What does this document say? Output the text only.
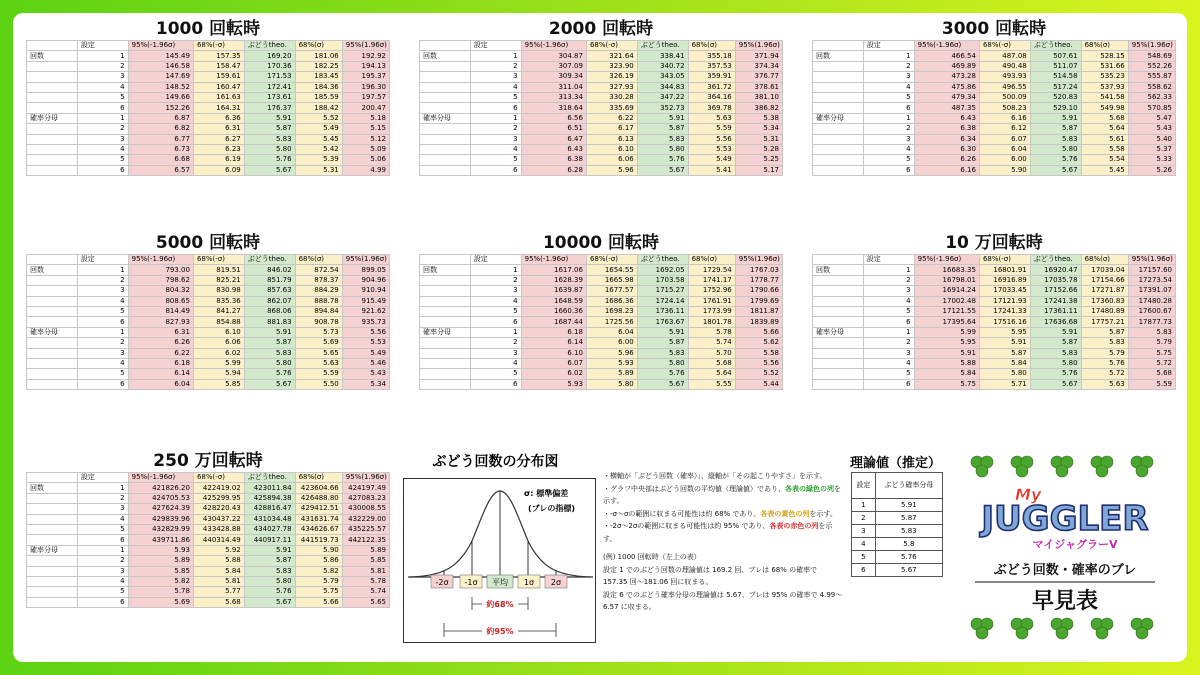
1000 回転時
	設定	95%(-1.96σ)	68%(-σ)	ぶどうtheo.	68%(σ)	95%(1.96σ)
回数	1	145.49	157.35	169.20	181.06	192.92
	2	146.58	158.47	170.36	182.25	194.13
	3	147.69	159.61	171.53	183.45	195.37
	4	148.52	160.47	172.41	184.36	196.30
	5	149.66	161.63	173.61	185.59	197.57
	6	152.26	164.31	176.37	188.42	200.47
確率分母	1	6.87	6.36	5.91	5.52	5.18
	2	6.82	6.31	5.87	5.49	5.15
	3	6.77	6.27	5.83	5.45	5.12
	4	6.73	6.23	5.80	5.42	5.09
	5	6.68	6.19	5.76	5.39	5.06
	6	6.57	6.09	5.67	5.31	4.99
2000 回転時
	設定	95%(-1.96σ)	68%(-σ)	ぶどうtheo.	68%(σ)	95%(1.96σ)
回数	1	304.87	321.64	338.41	355.18	371.94
	2	307.09	323.90	340.72	357.53	374.34
	3	309.34	326.19	343.05	359.91	376.77
	4	311.04	327.93	344.83	361.72	378.61
	5	313.34	330.28	347.22	364.16	381.10
	6	318.64	335.69	352.73	369.78	386.82
確率分母	1	6.56	6.22	5.91	5.63	5.38
	2	6.51	6.17	5.87	5.59	5.34
	3	6.47	6.13	5.83	5.56	5.31
	4	6.43	6.10	5.80	5.53	5.28
	5	6.38	6.06	5.76	5.49	5.25
	6	6.28	5.96	5.67	5.41	5.17
3000 回転時
	設定	95%(-1.96σ)	68%(-σ)	ぶどうtheo.	68%(σ)	95%(1.96σ)
回数	1	466.54	487.08	507.61	528.15	548.69
	2	469.89	490.48	511.07	531.66	552.26
	3	473.28	493.93	514.58	535.23	555.87
	4	475.86	496.55	517.24	537.93	558.62
	5	479.34	500.09	520.83	541.58	562.33
	6	487.35	508.23	529.10	549.98	570.85
確率分母	1	6.43	6.16	5.91	5.68	5.47
	2	6.38	6.12	5.87	5.64	5.43
	3	6.34	6.07	5.83	5.61	5.40
	4	6.30	6.04	5.80	5.58	5.37
	5	6.26	6.00	5.76	5.54	5.33
	6	6.16	5.90	5.67	5.45	5.26
5000 回転時
	設定	95%(-1.96σ)	68%(-σ)	ぶどうtheo.	68%(σ)	95%(1.96σ)
回数	1	793.00	819.51	846.02	872.54	899.05
	2	798.62	825.21	851.79	878.37	904.96
	3	804.32	830.98	857.63	884.29	910.94
	4	808.65	835.36	862.07	888.78	915.49
	5	814.49	841.27	868.06	894.84	921.62
	6	827.93	854.88	881.83	908.78	935.73
確率分母	1	6.31	6.10	5.91	5.73	5.56
	2	6.26	6.06	5.87	5.69	5.53
	3	6.22	6.02	5.83	5.65	5.49
	4	6.18	5.99	5.80	5.63	5.46
	5	6.14	5.94	5.76	5.59	5.43
	6	6.04	5.85	5.67	5.50	5.34
10000 回転時
	設定	95%(-1.96σ)	68%(-σ)	ぶどうtheo.	68%(σ)	95%(1.96σ)
回数	1	1617.06	1654.55	1692.05	1729.54	1767.03
	2	1628.39	1665.98	1703.58	1741.17	1778.77
	3	1639.87	1677.57	1715.27	1752.96	1790.66
	4	1648.59	1686.36	1724.14	1761.91	1799.69
	5	1660.36	1698.23	1736.11	1773.99	1811.87
	6	1687.44	1725.56	1763.67	1801.78	1839.89
確率分母	1	6.18	6.04	5.91	5.78	5.66
	2	6.14	6.00	5.87	5.74	5.62
	3	6.10	5.96	5.83	5.70	5.58
	4	6.07	5.93	5.80	5.68	5.56
	5	6.02	5.89	5.76	5.64	5.52
	6	5.93	5.80	5.67	5.55	5.44
10 万回転時
	設定	95%(-1.96σ)	68%(-σ)	ぶどうtheo.	68%(σ)	95%(1.96σ)
回数	1	16683.35	16801.91	16920.47	17039.04	17157.60
	2	16798.01	16916.89	17035.78	17154.66	17273.54
	3	16914.24	17033.45	17152.66	17271.87	17391.07
	4	17002.48	17121.93	17241.38	17360.83	17480.28
	5	17121.55	17241.33	17361.11	17480.89	17600.67
	6	17395.64	17516.16	17636.68	17757.21	17877.73
確率分母	1	5.99	5.95	5.91	5.87	5.83
	2	5.95	5.91	5.87	5.83	5.79
	3	5.91	5.87	5.83	5.79	5.75
	4	5.88	5.84	5.80	5.76	5.72
	5	5.84	5.80	5.76	5.72	5.68
	6	5.75	5.71	5.67	5.63	5.59
250 万回転時
	設定	95%(-1.96σ)	68%(-σ)	ぶどうtheo.	68%(σ)	95%(1.96σ)
回数	1	421826.20	422419.02	423011.84	423604.66	424197.49
	2	424705.53	425299.95	425894.38	426488.80	427083.23
	3	427624.39	428220.43	428816.47	429412.51	430008.55
	4	429839.96	430437.22	431034.48	431631.74	432229.00
	5	432829.99	433428.88	434027.78	434626.67	435225.57
	6	439711.86	440314.49	440917.11	441519.73	442122.35
確率分母	1	5.93	5.92	5.91	5.90	5.89
	2	5.89	5.88	5.87	5.86	5.85
	3	5.85	5.84	5.83	5.82	5.81
	4	5.82	5.81	5.80	5.79	5.78
	5	5.78	5.77	5.76	5.75	5.74
	6	5.69	5.68	5.67	5.66	5.65
ぶどう回数の分布図
σ: 標準偏差
(ブレの指標)
-2σ -1σ 平均 1σ 2σ
約68%
約95%

・横軸が「ぶどう回数（確率）」、縦軸が「その起こりやすさ」を示す。

・グラフ中央部はぶどう回数の平均値（理論値）であり、各表の緑色の列を示す。

・-σ〜σの範囲に収まる可能性は約 68% であり、各表の黄色の列を示す。

・-2σ〜2σの範囲に収まる可能性は約 95% であり、各表の赤色の列を示す。

(例) 1000 回転時（左上の表）

設定 1 でのぶどう回数の理論値は 169.2 回、ブレは 68% の確率で 157.35 回〜181.06 回に収まる。

設定 6 でのぶどう確率分母の理論値は 5.67、ブレは 95% の確率で 4.99〜6.57 に収まる。

理論値（推定）
設定	ぶどう確率分母
1	5.91
2	5.87
3	5.83
4	5.8
5	5.76
6	5.67
My
JUGGLER
マイジャグラーV
ぶどう回数・確率のブレ
早見表
